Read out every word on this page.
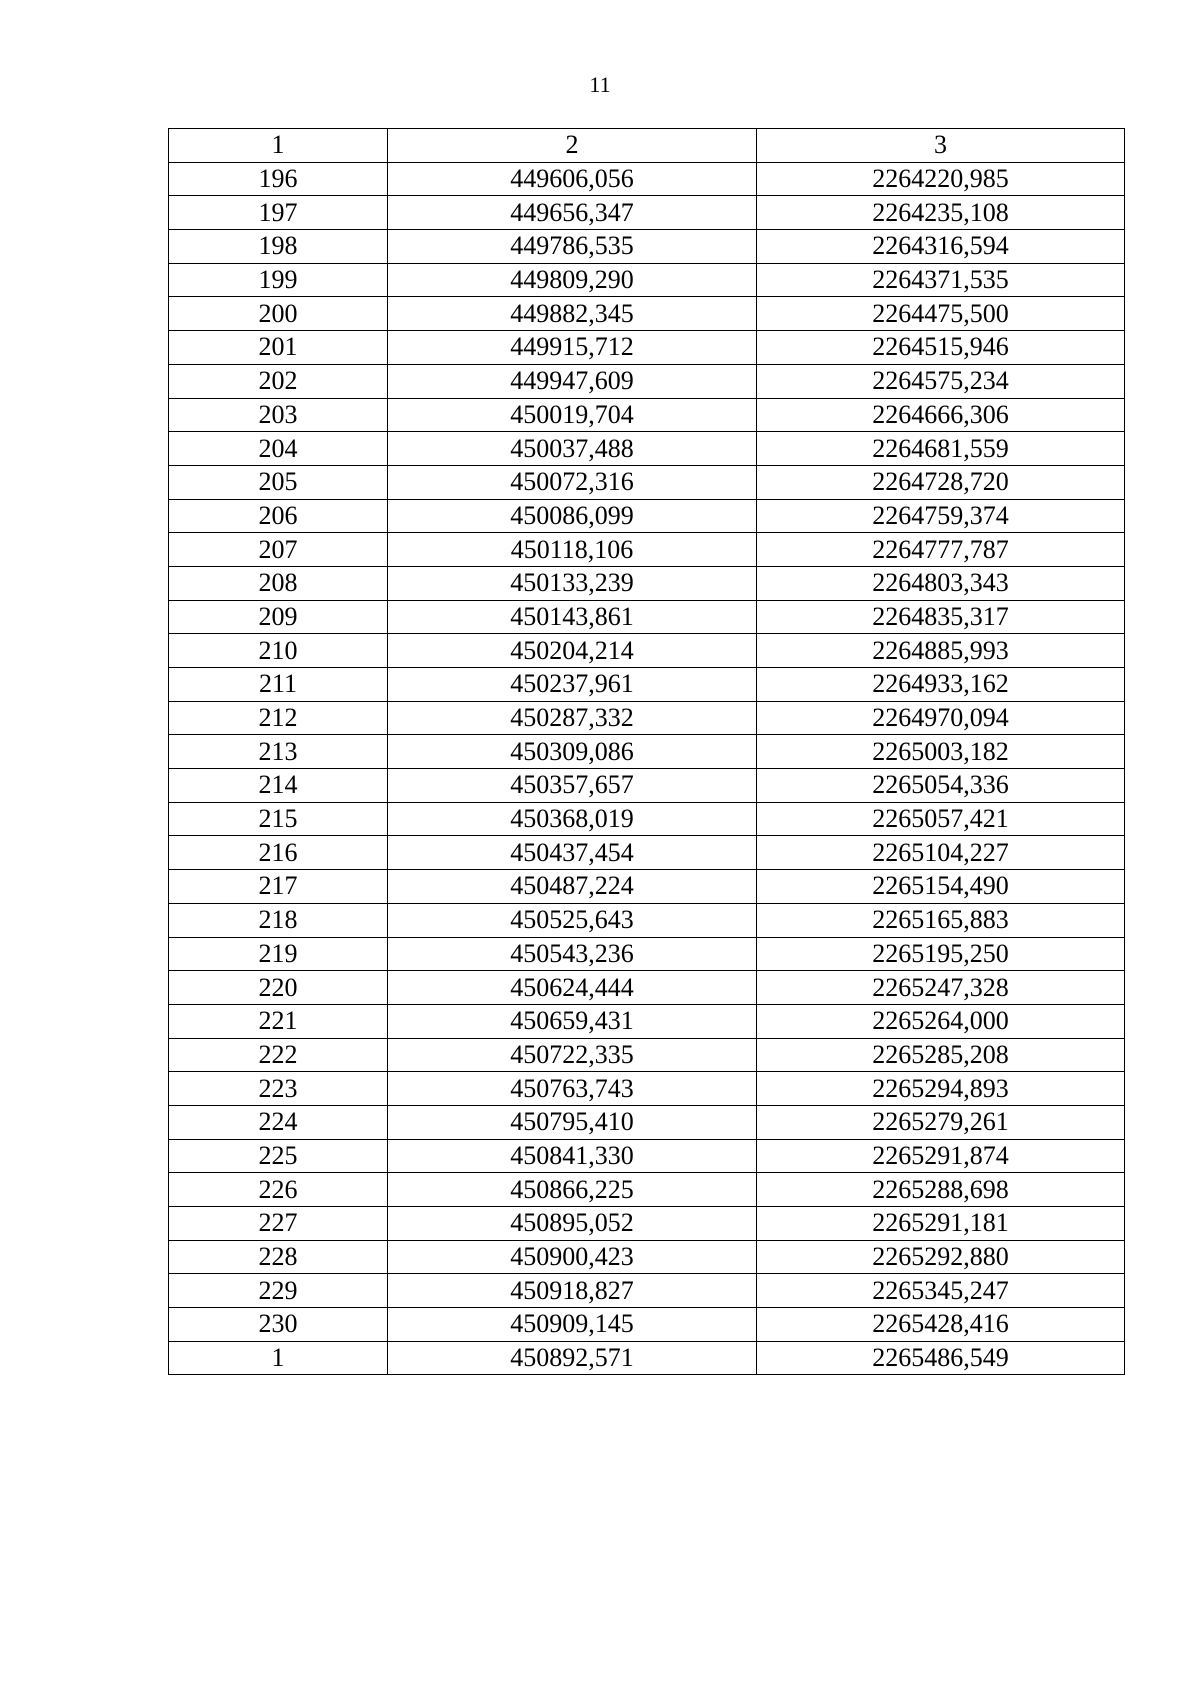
11
1	2	3
196	449606,056	2264220,985
197	449656,347	2264235,108
198	449786,535	2264316,594
199	449809,290	2264371,535
200	449882,345	2264475,500
201	449915,712	2264515,946
202	449947,609	2264575,234
203	450019,704	2264666,306
204	450037,488	2264681,559
205	450072,316	2264728,720
206	450086,099	2264759,374
207	450118,106	2264777,787
208	450133,239	2264803,343
209	450143,861	2264835,317
210	450204,214	2264885,993
211	450237,961	2264933,162
212	450287,332	2264970,094
213	450309,086	2265003,182
214	450357,657	2265054,336
215	450368,019	2265057,421
216	450437,454	2265104,227
217	450487,224	2265154,490
218	450525,643	2265165,883
219	450543,236	2265195,250
220	450624,444	2265247,328
221	450659,431	2265264,000
222	450722,335	2265285,208
223	450763,743	2265294,893
224	450795,410	2265279,261
225	450841,330	2265291,874
226	450866,225	2265288,698
227	450895,052	2265291,181
228	450900,423	2265292,880
229	450918,827	2265345,247
230	450909,145	2265428,416
1	450892,571	2265486,549
